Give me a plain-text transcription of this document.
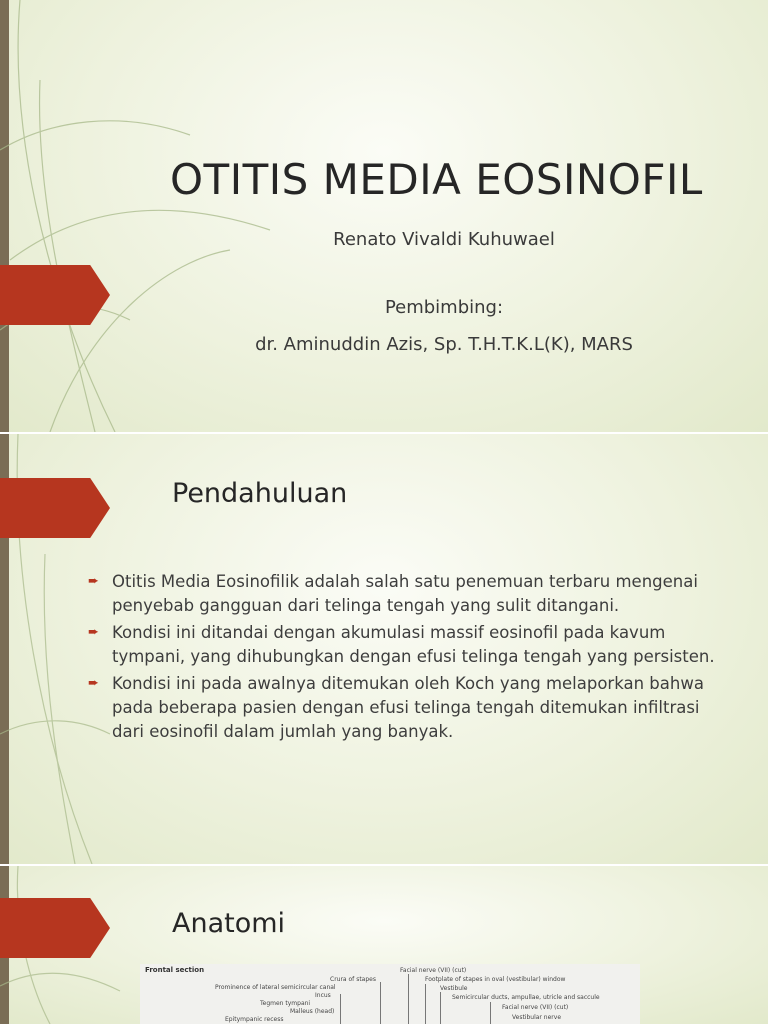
OTITIS MEDIA EOSINOFIL
Renato Vivaldi Kuhuwael
Pembimbing:
dr. Aminuddin Azis, Sp. T.H.T.K.L(K), MARS
Pendahuluan
➨ Otitis Media Eosinofilik adalah salah satu penemuan terbaru mengenai penyebab gangguan dari telinga tengah yang sulit ditangani.
➨ Kondisi ini ditandai dengan akumulasi massif eosinofil pada kavum tympani, yang dihubungkan dengan efusi telinga tengah yang persisten.
➨ Kondisi ini pada awalnya ditemukan oleh Koch yang melaporkan bahwa pada beberapa pasien dengan efusi telinga tengah ditemukan infiltrasi dari eosinofil dalam jumlah yang banyak.
Anatomi
Frontal section
Crura of stapes
Facial nerve (VII) (cut)
Prominence of lateral semicircular canal
Footplate of stapes in oval (vestibular) window
Incus
Vestibule
Tegmen tympani
Semicircular ducts, ampullae, utricle and saccule
Malleus (head)
Facial nerve (VII) (cut)
Epitympanic recess	Vestibular nerve
